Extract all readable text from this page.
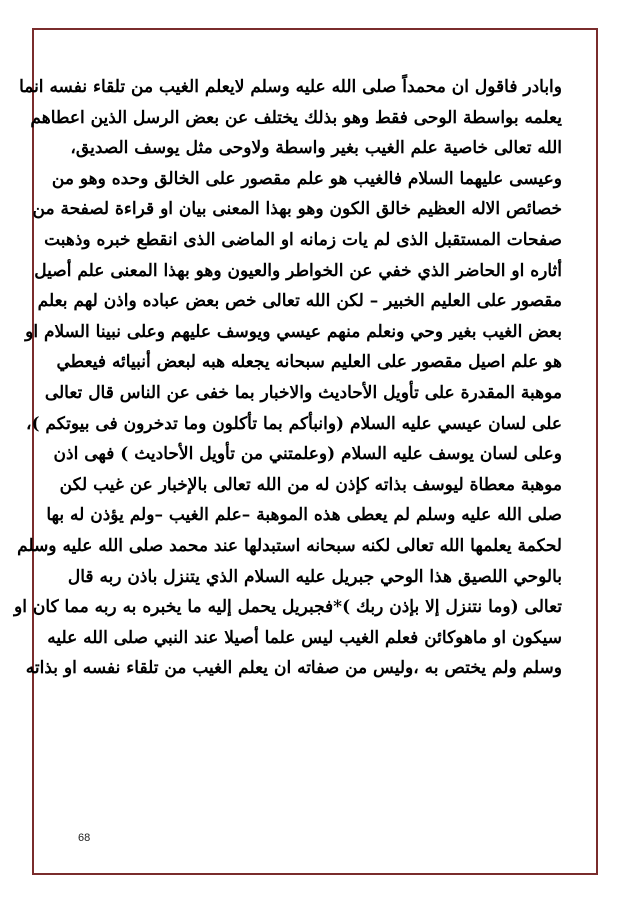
وابادر فاقول ان محمداً صلى الله عليه وسلم لايعلم الغيب من تلقاء نفسه انما
يعلمه بواسطة الوحى فقط وهو بذلك يختلف عن بعض الرسل الذين اعطاهم
الله تعالى خاصية علم الغيب بغير واسطة ولاوحى مثل يوسف الصديق،
وعيسى عليهما السلام فالغيب هو علم مقصور على الخالق وحده وهو من
خصائص الاله العظيم خالق الكون وهو بهذا المعنى بيان او قراءة لصفحة من
صفحات المستقبل الذى لم يات زمانه او الماضى الذى انقطع خبره وذهبت
أثاره او الحاضر الذي خفي عن الخواطر والعيون وهو بهذا المعنى علم أصيل
مقصور على العليم الخبير – لكن الله تعالى خص بعض عباده واذن لهم بعلم
بعض الغيب بغير وحي ونعلم منهم عيسي ويوسف عليهم وعلى نبينا السلام او
هو علم اصيل مقصور على العليم سبحانه يجعله هبه لبعض أنبيائه فيعطي
موهبة المقدرة على تأويل الأحاديث والاخبار بما خفى عن الناس قال تعالى
على لسان عيسي عليه السلام (وانبأكم بما تأكلون وما تدخرون فى بيوتكم )،
وعلى لسان يوسف عليه السلام (وعلمتني من تأويل الأحاديث ) فهى اذن
موهبة معطاة ليوسف بذاته كإذن له من الله تعالى بالإخبار عن غيب لكن
صلى الله عليه وسلم لم يعطى هذه الموهبة –علم الغيب –ولم يؤذن له بها
لحكمة يعلمها الله تعالى لكنه سبحانه استبدلها عند محمد صلى الله عليه وسلم
بالوحي اللصيق هذا الوحي جبريل عليه السلام الذي يتنزل باذن ربه قال
تعالى (وما نتنزل إلا بإذن ربك )*فجبريل يحمل إليه ما يخبره به ربه مما كان او
سيكون او ماهوكائن فعلم الغيب ليس علما أصيلا عند النبي صلى الله عليه
وسلم ولم يختص به ،وليس من صفاته ان يعلم الغيب من تلقاء نفسه او بذاته
68
